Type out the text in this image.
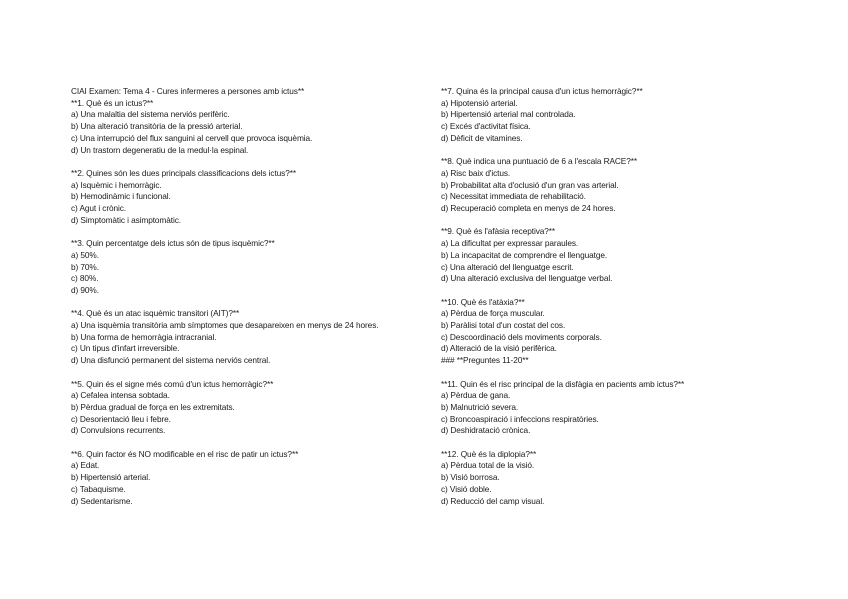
CIAI Examen: Tema 4 - Cures infermeres a persones amb ictus**
**1. Què és un ictus?**
a) Una malaltia del sistema nerviós perifèric.
b) Una alteració transitòria de la pressió arterial.
c) Una interrupció del flux sanguini al cervell que provoca isquèmia.
d) Un trastorn degeneratiu de la medul·la espinal.
**2. Quines són les dues principals classificacions dels ictus?**
a) Isquèmic i hemorràgic.
b) Hemodinàmic i funcional.
c) Agut i crònic.
d) Simptomàtic i asimptomàtic.
**3. Quin percentatge dels ictus són de tipus isquèmic?**
a) 50%.
b) 70%.
c) 80%.
d) 90%.
**4. Què és un atac isquèmic transitori (AIT)?**
a) Una isquèmia transitòria amb símptomes que desapareixen en menys de 24 hores.
b) Una forma de hemorràgia intracranial.
c) Un tipus d'infart irreversible.
d) Una disfunció permanent del sistema nerviós central.
**5. Quin és el signe més comú d'un ictus hemorràgic?**
a) Cefalea intensa sobtada.
b) Pèrdua gradual de força en les extremitats.
c) Desorientació lleu i febre.
d) Convulsions recurrents.
**6. Quin factor és NO modificable en el risc de patir un ictus?**
a) Edat.
b) Hipertensió arterial.
c) Tabaquisme.
d) Sedentarisme.
**7. Quina és la principal causa d'un ictus hemorràgic?**
a) Hipotensió arterial.
b) Hipertensió arterial mal controlada.
c) Excés d'activitat física.
d) Dèficit de vitamines.
**8. Què indica una puntuació de 6 a l'escala RACE?**
a) Risc baix d'ictus.
b) Probabilitat alta d'oclusió d'un gran vas arterial.
c) Necessitat immediata de rehabilitació.
d) Recuperació completa en menys de 24 hores.
**9. Què és l'afàsia receptiva?**
a) La dificultat per expressar paraules.
b) La incapacitat de comprendre el llenguatge.
c) Una alteració del llenguatge escrit.
d) Una alteració exclusiva del llenguatge verbal.
**10. Què és l'atàxia?**
a) Pèrdua de força muscular.
b) Paràlisi total d'un costat del cos.
c) Descoordinació dels moviments corporals.
d) Alteració de la visió perifèrica.
### **Preguntes 11-20**
**11. Quin és el risc principal de la disfàgia en pacients amb ictus?**
a) Pèrdua de gana.
b) Malnutrició severa.
c) Broncoaspiració i infeccions respiratòries.
d) Deshidratació crònica.
**12. Què és la diplopia?**
a) Pèrdua total de la visió.
b) Visió borrosa.
c) Visió doble.
d) Reducció del camp visual.
